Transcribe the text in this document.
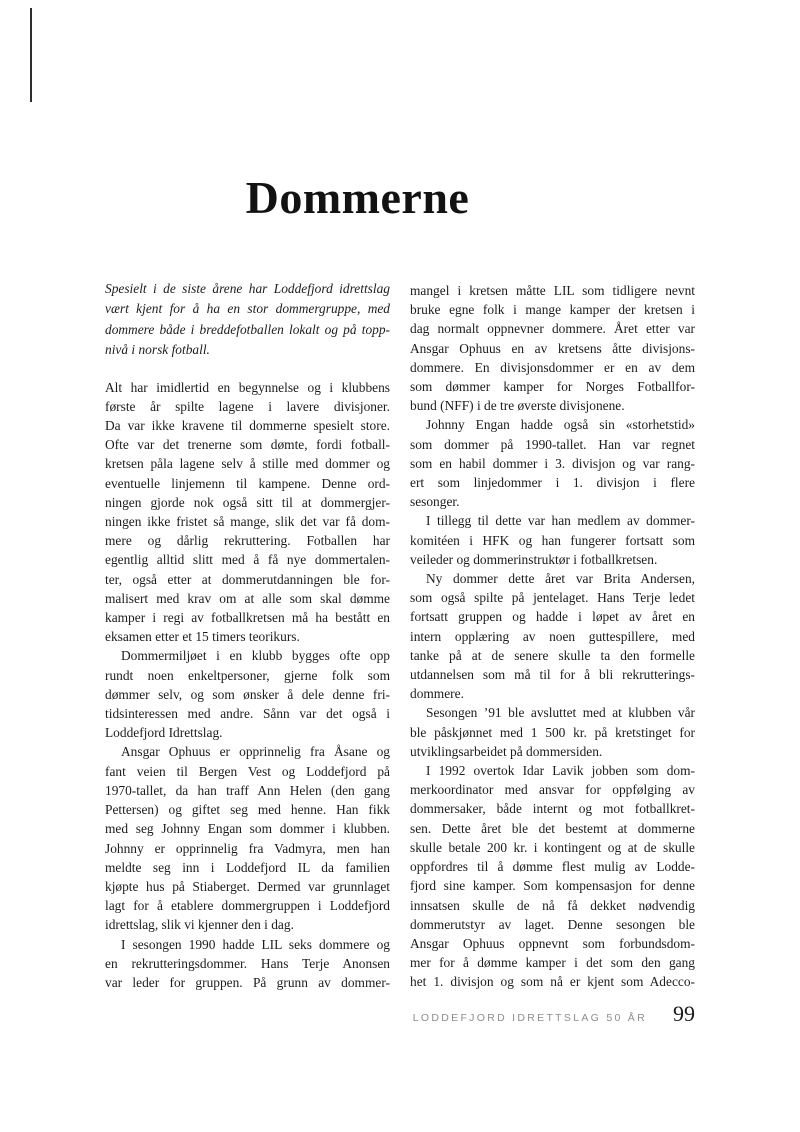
Dommerne
Spesielt i de siste årene har Loddefjord idrettslag
vært kjent for å ha en stor dommergruppe, med
dommere både i breddefotballen lokalt og på topp-
nivå i norsk fotball.
Alt har imidlertid en begynnelse og i klubbens
første år spilte lagene i lavere divisjoner.
Da var ikke kravene til dommerne spesielt store.
Ofte var det trenerne som dømte, fordi fotball-
kretsen påla lagene selv å stille med dommer og
eventuelle linjemenn til kampene. Denne ord-
ningen gjorde nok også sitt til at dommergjer-
ningen ikke fristet så mange, slik det var få dom-
mere og dårlig rekruttering. Fotballen har
egentlig alltid slitt med å få nye dommertalen-
ter, også etter at dommerutdanningen ble for-
malisert med krav om at alle som skal dømme
kamper i regi av fotballkretsen må ha bestått en
eksamen etter et 15 timers teorikurs.
Dommermiljøet i en klubb bygges ofte opp
rundt noen enkeltpersoner, gjerne folk som
dømmer selv, og som ønsker å dele denne fri-
tidsinteressen med andre. Sånn var det også i
Loddefjord Idrettslag.
Ansgar Ophuus er opprinnelig fra Åsane og
fant veien til Bergen Vest og Loddefjord på
1970-tallet, da han traff Ann Helen (den gang
Pettersen) og giftet seg med henne. Han fikk
med seg Johnny Engan som dommer i klubben.
Johnny er opprinnelig fra Vadmyra, men han
meldte seg inn i Loddefjord IL da familien
kjøpte hus på Stiaberget. Dermed var grunnlaget
lagt for å etablere dommergruppen i Loddefjord
idrettslag, slik vi kjenner den i dag.
I sesongen 1990 hadde LIL seks dommere og
en rekrutteringsdommer. Hans Terje Anonsen
var leder for gruppen. På grunn av dommer-
mangel i kretsen måtte LIL som tidligere nevnt
bruke egne folk i mange kamper der kretsen i
dag normalt oppnevner dommere. Året etter var
Ansgar Ophuus en av kretsens åtte divisjons-
dommere. En divisjonsdommer er en av dem
som dømmer kamper for Norges Fotballfor-
bund (NFF) i de tre øverste divisjonene.
Johnny Engan hadde også sin «storhetstid»
som dommer på 1990-tallet. Han var regnet
som en habil dommer i 3. divisjon og var rang-
ert som linjedommer i 1. divisjon i flere
sesonger.
I tillegg til dette var han medlem av dommer-
komitéen i HFK og han fungerer fortsatt som
veileder og dommerinstruktør i fotballkretsen.
Ny dommer dette året var Brita Andersen,
som også spilte på jentelaget. Hans Terje ledet
fortsatt gruppen og hadde i løpet av året en
intern opplæring av noen guttespillere, med
tanke på at de senere skulle ta den formelle
utdannelsen som må til for å bli rekrutterings-
dommere.
Sesongen ’91 ble avsluttet med at klubben vår
ble påskjønnet med 1 500 kr. på kretstinget for
utviklingsarbeidet på dommersiden.
I 1992 overtok Idar Lavik jobben som dom-
merkoordinator med ansvar for oppfølging av
dommersaker, både internt og mot fotballkret-
sen. Dette året ble det bestemt at dommerne
skulle betale 200 kr. i kontingent og at de skulle
oppfordres til å dømme flest mulig av Lodde-
fjord sine kamper. Som kompensasjon for denne
innsatsen skulle de nå få dekket nødvendig
dommerutstyr av laget. Denne sesongen ble
Ansgar Ophuus oppnevnt som forbundsdom-
mer for å dømme kamper i det som den gang
het 1. divisjon og som nå er kjent som Adecco-
LODDEFJORD IDRETTSLAG 50 ÅR 99
